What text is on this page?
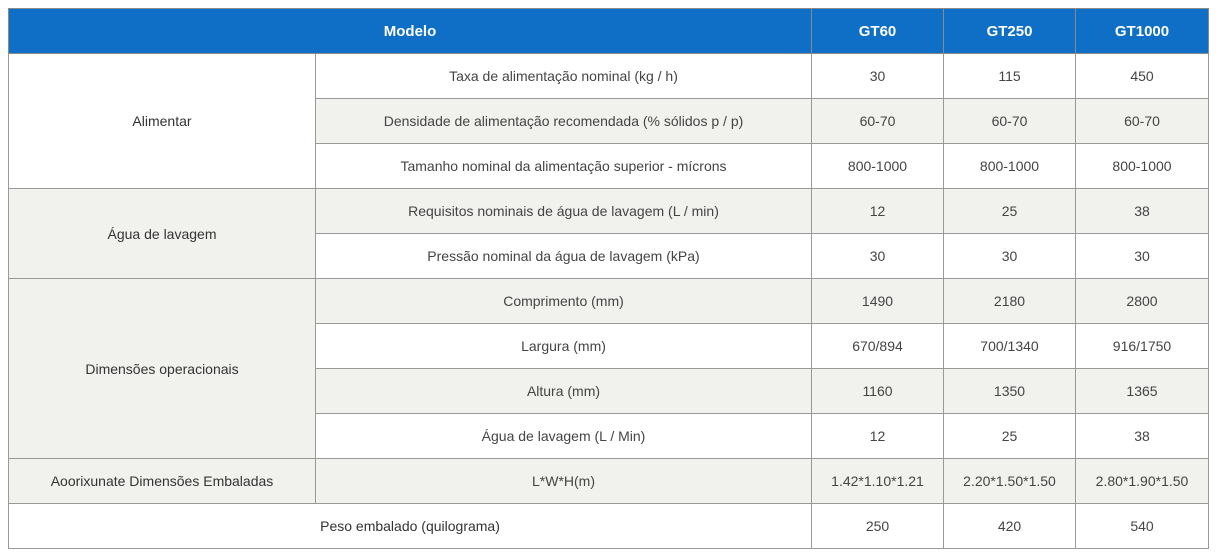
Modelo		GT60	GT250	GT1000
Alimentar	Taxa de alimentação nominal (kg / h)	30	115	450
	Densidade de alimentação recomendada (% sólidos p / p)	60-70	60-70	60-70
	Tamanho nominal da alimentação superior - mícrons	800-1000	800-1000	800-1000
Água de lavagem	Requisitos nominais de água de lavagem (L / min)	12	25	38
	Pressão nominal da água de lavagem (kPa)	30	30	30
Dimensões operacionais	Comprimento (mm)	1490	2180	2800
	Largura (mm)	670/894	700/1340	916/1750
	Altura (mm)	1160	1350	1365
	Água de lavagem (L / Min)	12	25	38
Aoorixunate Dimensões Embaladas	L*W*H(m)	1.42*1.10*1.21	2.20*1.50*1.50	2.80*1.90*1.50
Peso embalado (quilograma)		250	420	540
